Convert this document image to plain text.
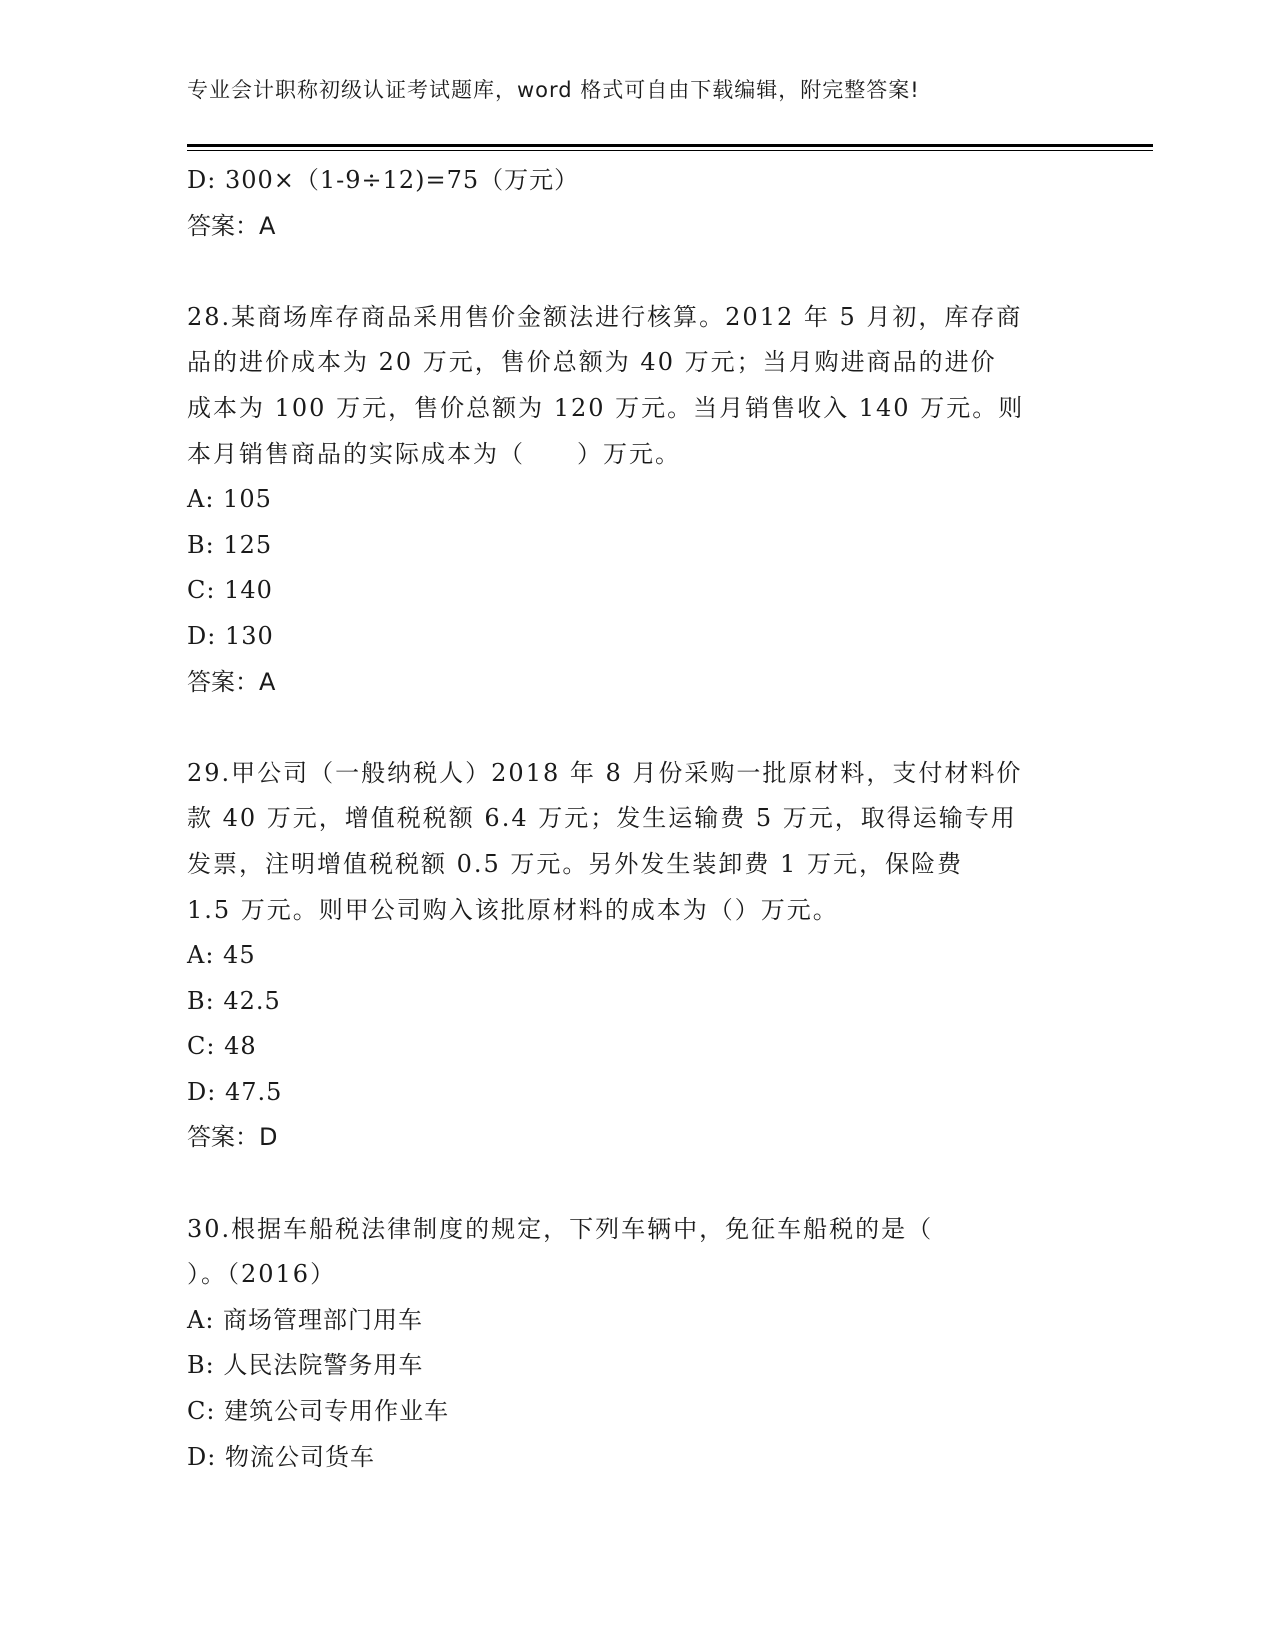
专业会计职称初级认证考试题库，word 格式可自由下载编辑，附完整答案!
D: 300×（1-9÷12)=75（万元）
答案：A
28.某商场库存商品采用售价金额法进行核算。2012 年 5 月初，库存商
品的进价成本为 20 万元，售价总额为 40 万元；当月购进商品的进价
成本为 100 万元，售价总额为 120 万元。当月销售收入 140 万元。则
本月销售商品的实际成本为（　　）万元。
A: 105
B: 125
C: 140
D: 130
答案：A
29.甲公司（一般纳税人）2018 年 8 月份采购一批原材料，支付材料价
款 40 万元，增值税税额 6.4 万元；发生运输费 5 万元，取得运输专用
发票，注明增值税税额 0.5 万元。另外发生装卸费 1 万元，保险费
1.5 万元。则甲公司购入该批原材料的成本为（）万元。
A: 45
B: 42.5
C: 48
D: 47.5
答案：D
30.根据车船税法律制度的规定，下列车辆中，免征车船税的是（
）。（2016）
A: 商场管理部门用车
B: 人民法院警务用车
C: 建筑公司专用作业车
D: 物流公司货车
